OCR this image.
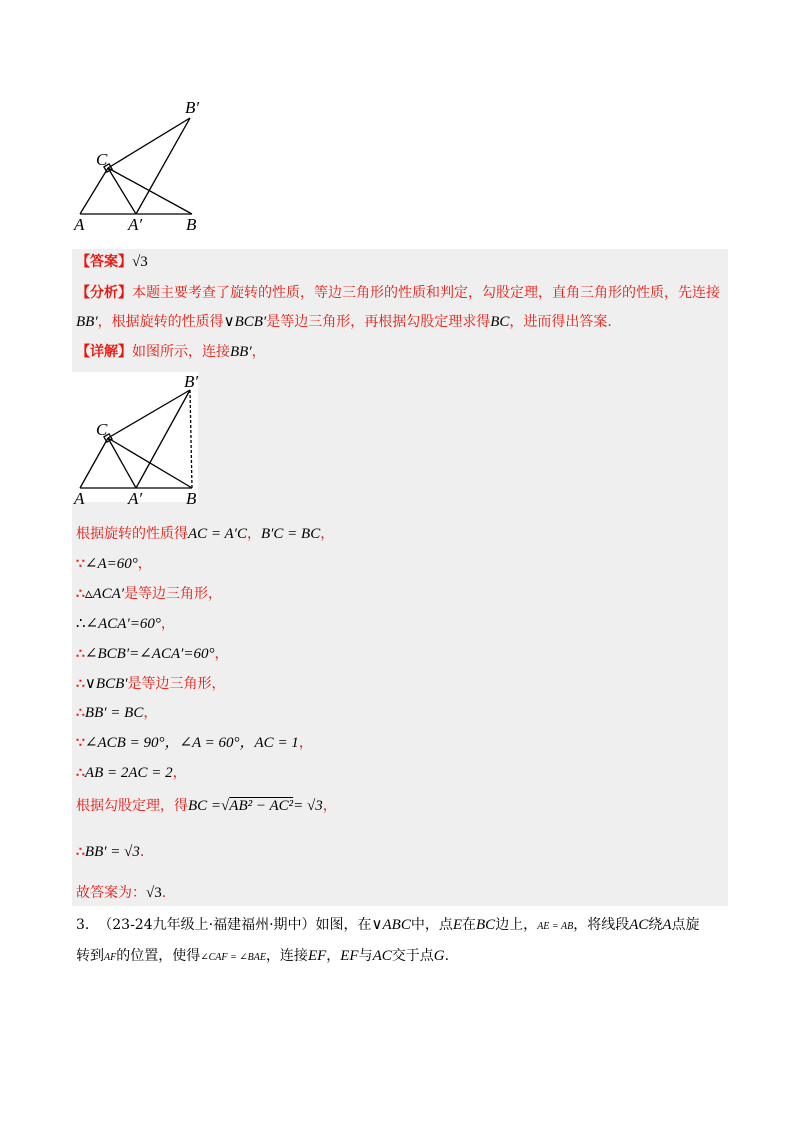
B′
C
A	A′	B
【答案】√3
【分析】本题主要考查了旋转的性质，等边三角形的性质和判定，勾股定理，直角三角形的性质，先连接
BB′，根据旋转的性质得∨BCB′是等边三角形，再根据勾股定理求得BC，进而得出答案.
【详解】如图所示，连接BB′，
B′
C
A	A′	B
根据旋转的性质得AC = A′C，B′C = BC，
∵∠A=60°，
∴▵ACA′是等边三角形，
∴∠ACA′=60°，
∴∠BCB′=∠ACA′=60°，
∴∨BCB′是等边三角形，
∴BB′ = BC，
∵∠ACB = 90°，∠A = 60°，AC = 1，
∴AB = 2AC = 2，
根据勾股定理，得BC =√AB² − AC²= √3，
∴BB′ = √3.
故答案为：√3.
3. （23-24九年级上·福建福州·期中）如图，在∨ABC中，点E在BC边上，AE = AB，将线段AC绕A点旋
转到AF的位置，使得∠CAF = ∠BAE，连接EF，EF与AC交于点G.
